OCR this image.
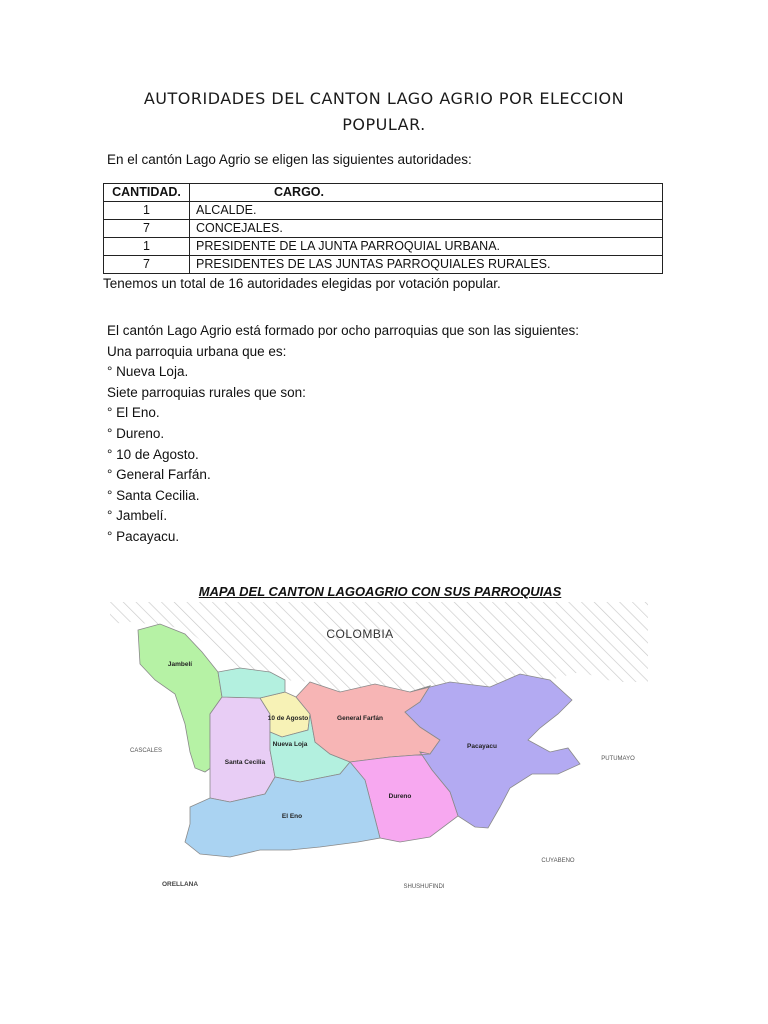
AUTORIDADES DEL CANTON LAGO AGRIO POR ELECCION
POPULAR.
En el cantón Lago Agrio se eligen las siguientes autoridades:
CANTIDAD.	CARGO.
1	ALCALDE.
7	CONCEJALES.
1	PRESIDENTE DE LA JUNTA PARROQUIAL URBANA.
7	PRESIDENTES DE LAS JUNTAS PARROQUIALES RURALES.
Tenemos un total de 16 autoridades elegidas por votación popular.
El cantón Lago Agrio está formado por ocho parroquias que son las siguientes:
Una parroquia urbana que es:
° Nueva Loja.
Siete parroquias rurales que son:
° El Eno.
° Dureno.
° 10 de Agosto.
° General Farfán.
° Santa Cecilia.
° Jambelí.
° Pacayacu.
MAPA DEL CANTON LAGOAGRIO CON SUS PARROQUIAS
COLOMBIA
Jambelí
10 de Agosto	General Farfán
Pacayacu
Nueva Loja
Santa Cecilia
Dureno
El Eno
CASCALES
PUTUMAYO
CUYABENO
ORELLANA	SHUSHUFINDI
